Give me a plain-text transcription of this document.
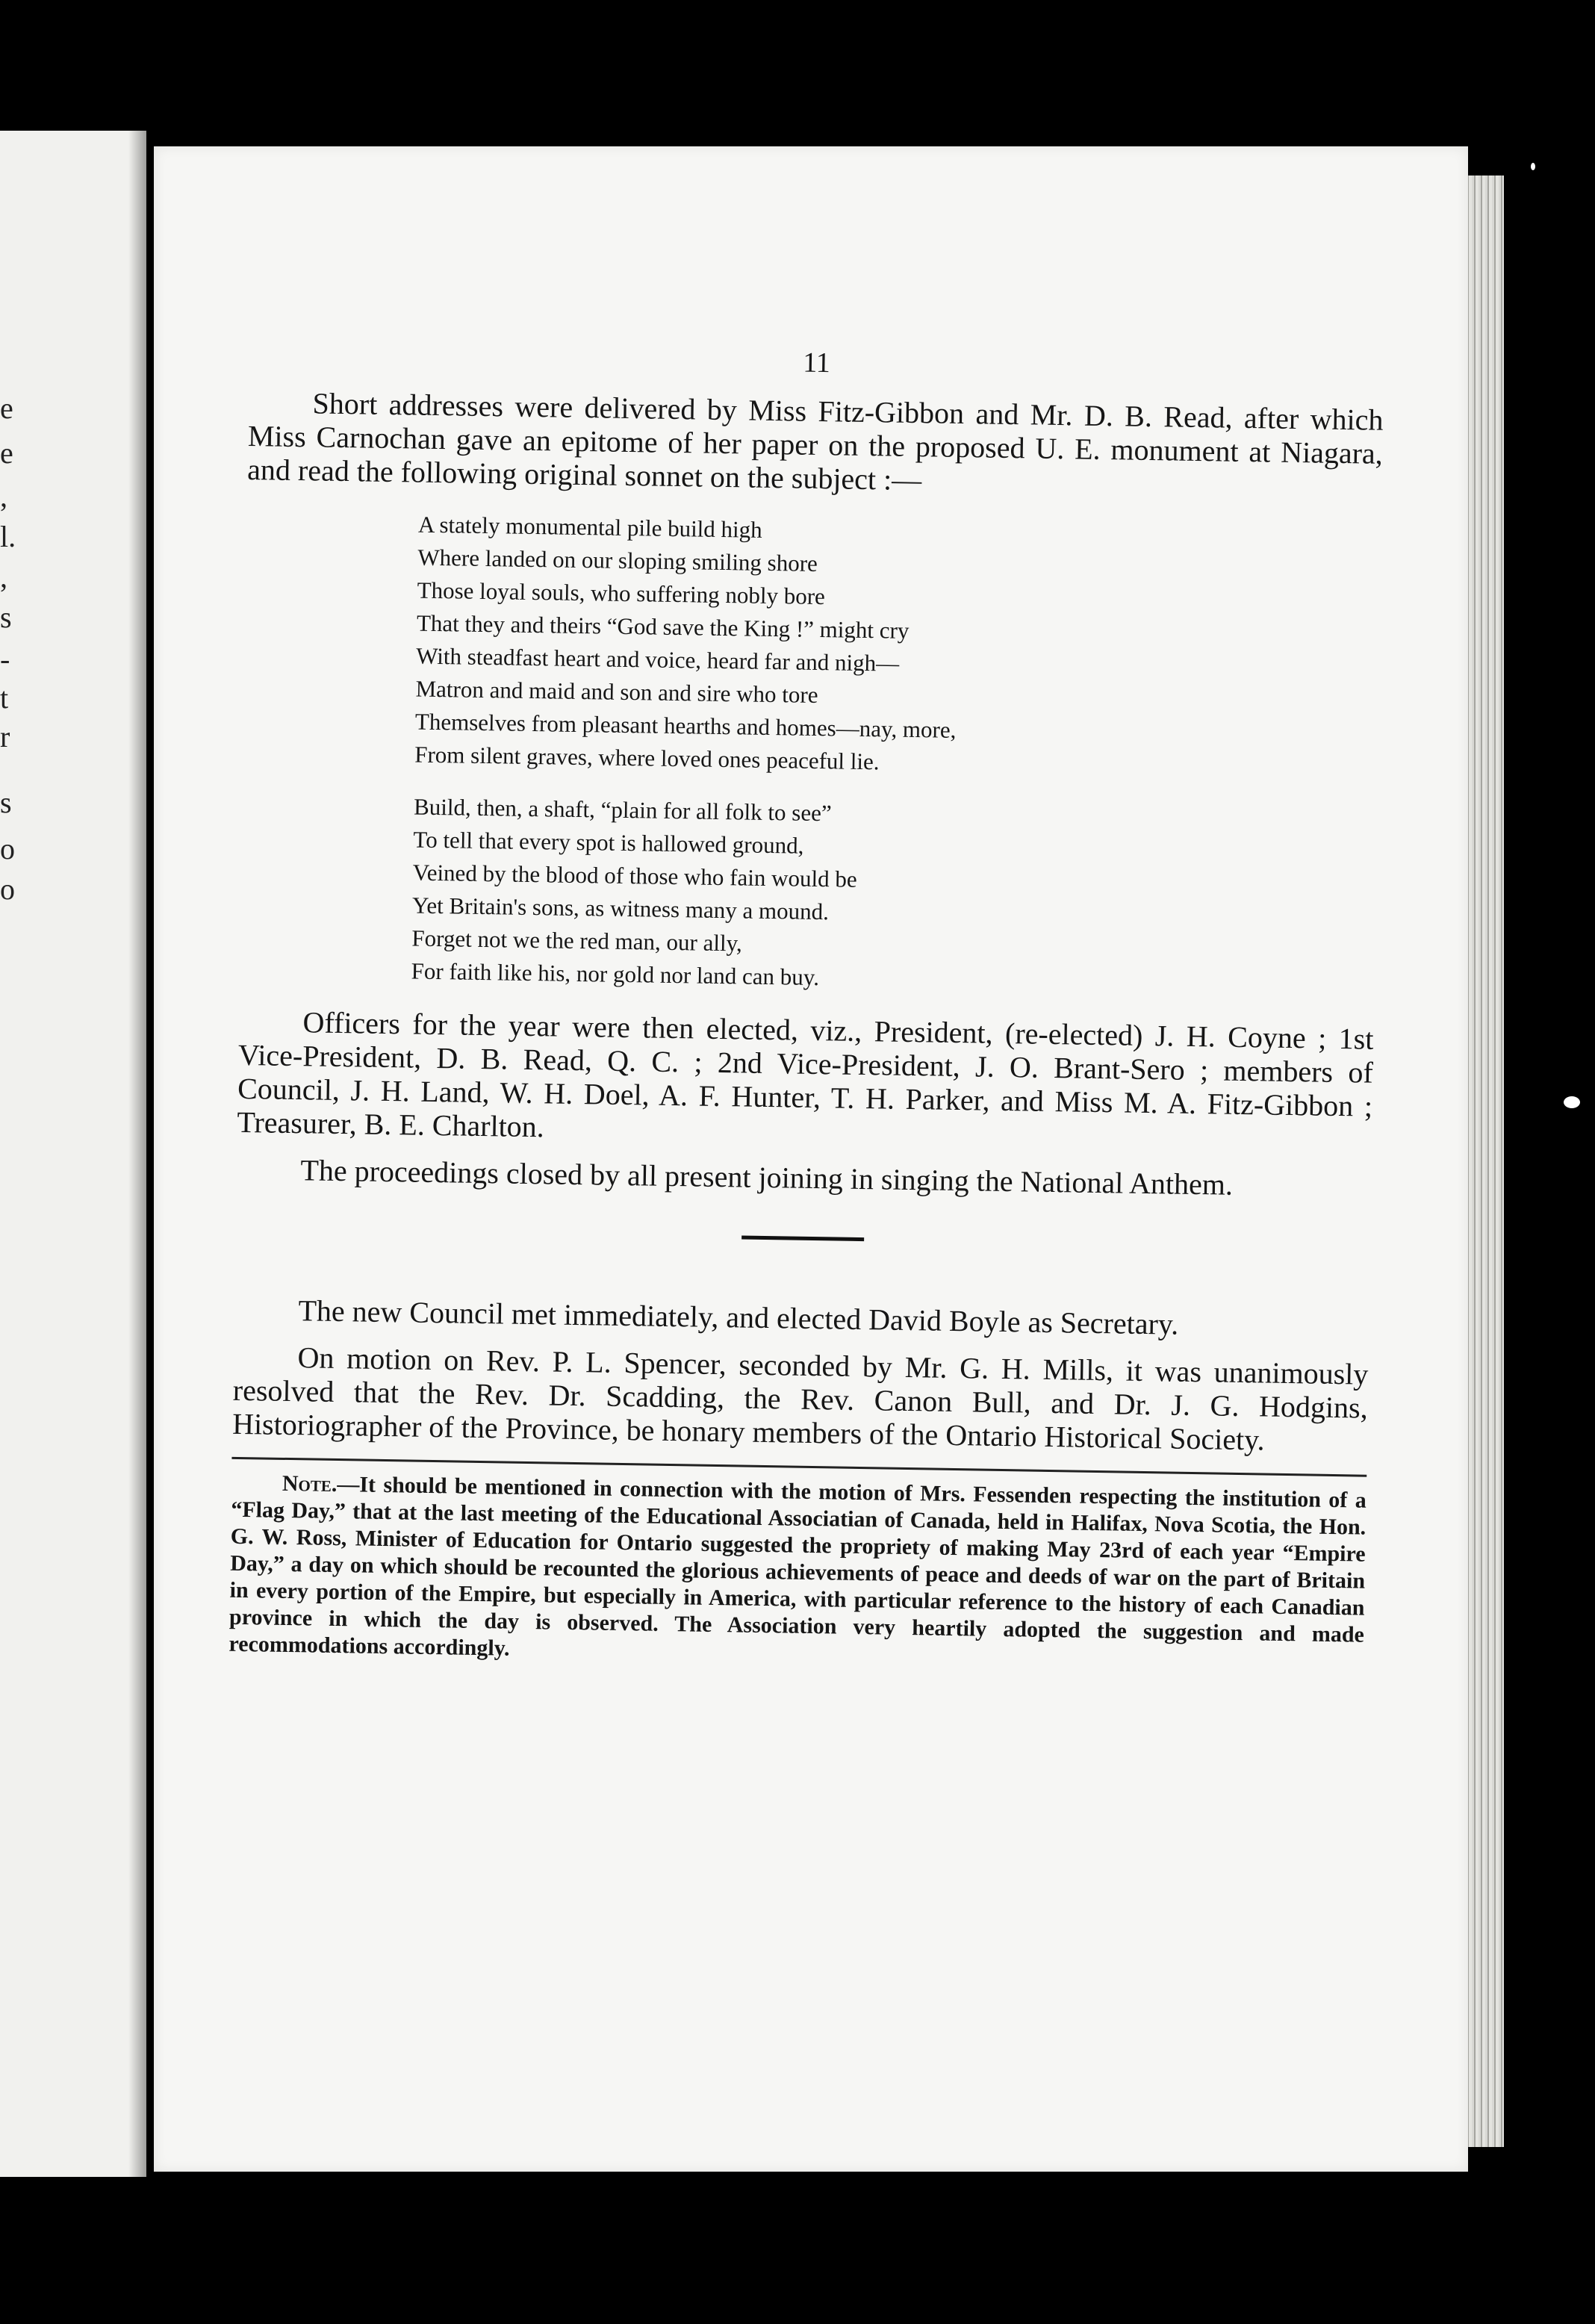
e
e
,
l.
,
s
-
t
r
s
o
o
11

Short addresses were delivered by Miss Fitz-Gibbon and Mr. D. B. Read, after which Miss Carnochan gave an epitome of her paper on the proposed U. E. monument at Niagara, and read the following original sonnet on the subject :—

A stately monumental pile build high
Where landed on our sloping smiling shore
Those loyal souls, who suffering nobly bore
That they and theirs “God save the King !” might cry
With steadfast heart and voice, heard far and nigh—
Matron and maid and son and sire who tore
Themselves from pleasant hearths and homes—nay, more,
From silent graves, where loved ones peaceful lie.
Build, then, a shaft, “plain for all folk to see”
To tell that every spot is hallowed ground,
Veined by the blood of those who fain would be
Yet Britain's sons, as witness many a mound.
Forget not we the red man, our ally,
For faith like his, nor gold nor land can buy.

Officers for the year were then elected, viz., President, (re-elected) J. H. Coyne ; 1st Vice-President, D. B. Read, Q. C. ; 2nd Vice-President, J. O. Brant-Sero ; members of Council, J. H. Land, W. H. Doel, A. F. Hunter, T. H. Parker, and Miss M. A. Fitz-Gibbon ; Treasurer, B. E. Charlton.

The proceedings closed by all present joining in singing the National Anthem.

The new Council met immediately, and elected David Boyle as Secretary.

On motion on Rev. P. L. Spencer, seconded by Mr. G. H. Mills, it was unanimously resolved that the Rev. Dr. Scadding, the Rev. Canon Bull, and Dr. J. G. Hodgins, Historiographer of the Province, be honary members of the Ontario Historical Society.

Note.—It should be mentioned in connection with the motion of Mrs. Fessenden respecting the institution of a “Flag Day,” that at the last meeting of the Educational Associatian of Canada, held in Halifax, Nova Scotia, the Hon. G. W. Ross, Minister of Education for Ontario suggested the propriety of making May 23rd of each year “Empire Day,” a day on which should be recounted the glorious achievements of peace and deeds of war on the part of Britain in every portion of the Empire, but especially in America, with particular reference to the history of each Canadian province in which the day is observed. The Association very heartily adopted the suggestion and made recommodations accordingly.
